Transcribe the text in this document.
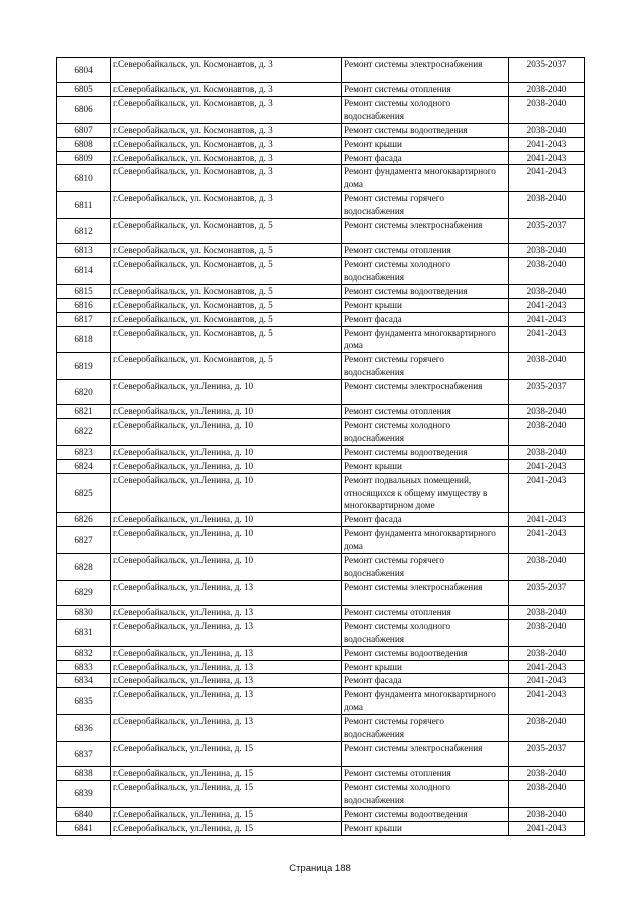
6804	г.Северобайкальск, ул. Космонавтов, д. 3	Ремонт системы электроснабжения	2035-2037
6805	г.Северобайкальск, ул. Космонавтов, д. 3	Ремонт системы отопления	2038-2040
6806	г.Северобайкальск, ул. Космонавтов, д. 3	Ремонт системы холодного водоснабжения	2038-2040
6807	г.Северобайкальск, ул. Космонавтов, д. 3	Ремонт системы водоотведения	2038-2040
6808	г.Северобайкальск, ул. Космонавтов, д. 3	Ремонт крыши	2041-2043
6809	г.Северобайкальск, ул. Космонавтов, д. 3	Ремонт фасада	2041-2043
6810	г.Северобайкальск, ул. Космонавтов, д. 3	Ремонт фундамента многоквартирного дома	2041-2043
6811	г.Северобайкальск, ул. Космонавтов, д. 3	Ремонт системы горячего водоснабжения	2038-2040
6812	г.Северобайкальск, ул. Космонавтов, д. 5	Ремонт системы электроснабжения	2035-2037
6813	г.Северобайкальск, ул. Космонавтов, д. 5	Ремонт системы отопления	2038-2040
6814	г.Северобайкальск, ул. Космонавтов, д. 5	Ремонт системы холодного водоснабжения	2038-2040
6815	г.Северобайкальск, ул. Космонавтов, д. 5	Ремонт системы водоотведения	2038-2040
6816	г.Северобайкальск, ул. Космонавтов, д. 5	Ремонт крыши	2041-2043
6817	г.Северобайкальск, ул. Космонавтов, д. 5	Ремонт фасада	2041-2043
6818	г.Северобайкальск, ул. Космонавтов, д. 5	Ремонт фундамента многоквартирного дома	2041-2043
6819	г.Северобайкальск, ул. Космонавтов, д. 5	Ремонт системы горячего водоснабжения	2038-2040
6820	г.Северобайкальск, ул.Ленина, д. 10	Ремонт системы электроснабжения	2035-2037
6821	г.Северобайкальск, ул.Ленина, д. 10	Ремонт системы отопления	2038-2040
6822	г.Северобайкальск, ул.Ленина, д. 10	Ремонт системы холодного водоснабжения	2038-2040
6823	г.Северобайкальск, ул.Ленина, д. 10	Ремонт системы водоотведения	2038-2040
6824	г.Северобайкальск, ул.Ленина, д. 10	Ремонт крыши	2041-2043
6825	г.Северобайкальск, ул.Ленина, д. 10	Ремонт подвальных помещений, относящихся к общему имуществу в многоквартирном доме	2041-2043
6826	г.Северобайкальск, ул.Ленина, д. 10	Ремонт фасада	2041-2043
6827	г.Северобайкальск, ул.Ленина, д. 10	Ремонт фундамента многоквартирного дома	2041-2043
6828	г.Северобайкальск, ул.Ленина, д. 10	Ремонт системы горячего водоснабжения	2038-2040
6829	г.Северобайкальск, ул.Ленина, д. 13	Ремонт системы электроснабжения	2035-2037
6830	г.Северобайкальск, ул.Ленина, д. 13	Ремонт системы отопления	2038-2040
6831	г.Северобайкальск, ул.Ленина, д. 13	Ремонт системы холодного водоснабжения	2038-2040
6832	г.Северобайкальск, ул.Ленина, д. 13	Ремонт системы водоотведения	2038-2040
6833	г.Северобайкальск, ул.Ленина, д. 13	Ремонт крыши	2041-2043
6834	г.Северобайкальск, ул.Ленина, д. 13	Ремонт фасада	2041-2043
6835	г.Северобайкальск, ул.Ленина, д. 13	Ремонт фундамента многоквартирного дома	2041-2043
6836	г.Северобайкальск, ул.Ленина, д. 13	Ремонт системы горячего водоснабжения	2038-2040
6837	г.Северобайкальск, ул.Ленина, д. 15	Ремонт системы электроснабжения	2035-2037
6838	г.Северобайкальск, ул.Ленина, д. 15	Ремонт системы отопления	2038-2040
6839	г.Северобайкальск, ул.Ленина, д. 15	Ремонт системы холодного водоснабжения	2038-2040
6840	г.Северобайкальск, ул.Ленина, д. 15	Ремонт системы водоотведения	2038-2040
6841	г.Северобайкальск, ул.Ленина, д. 15	Ремонт крыши	2041-2043
Страница 188
